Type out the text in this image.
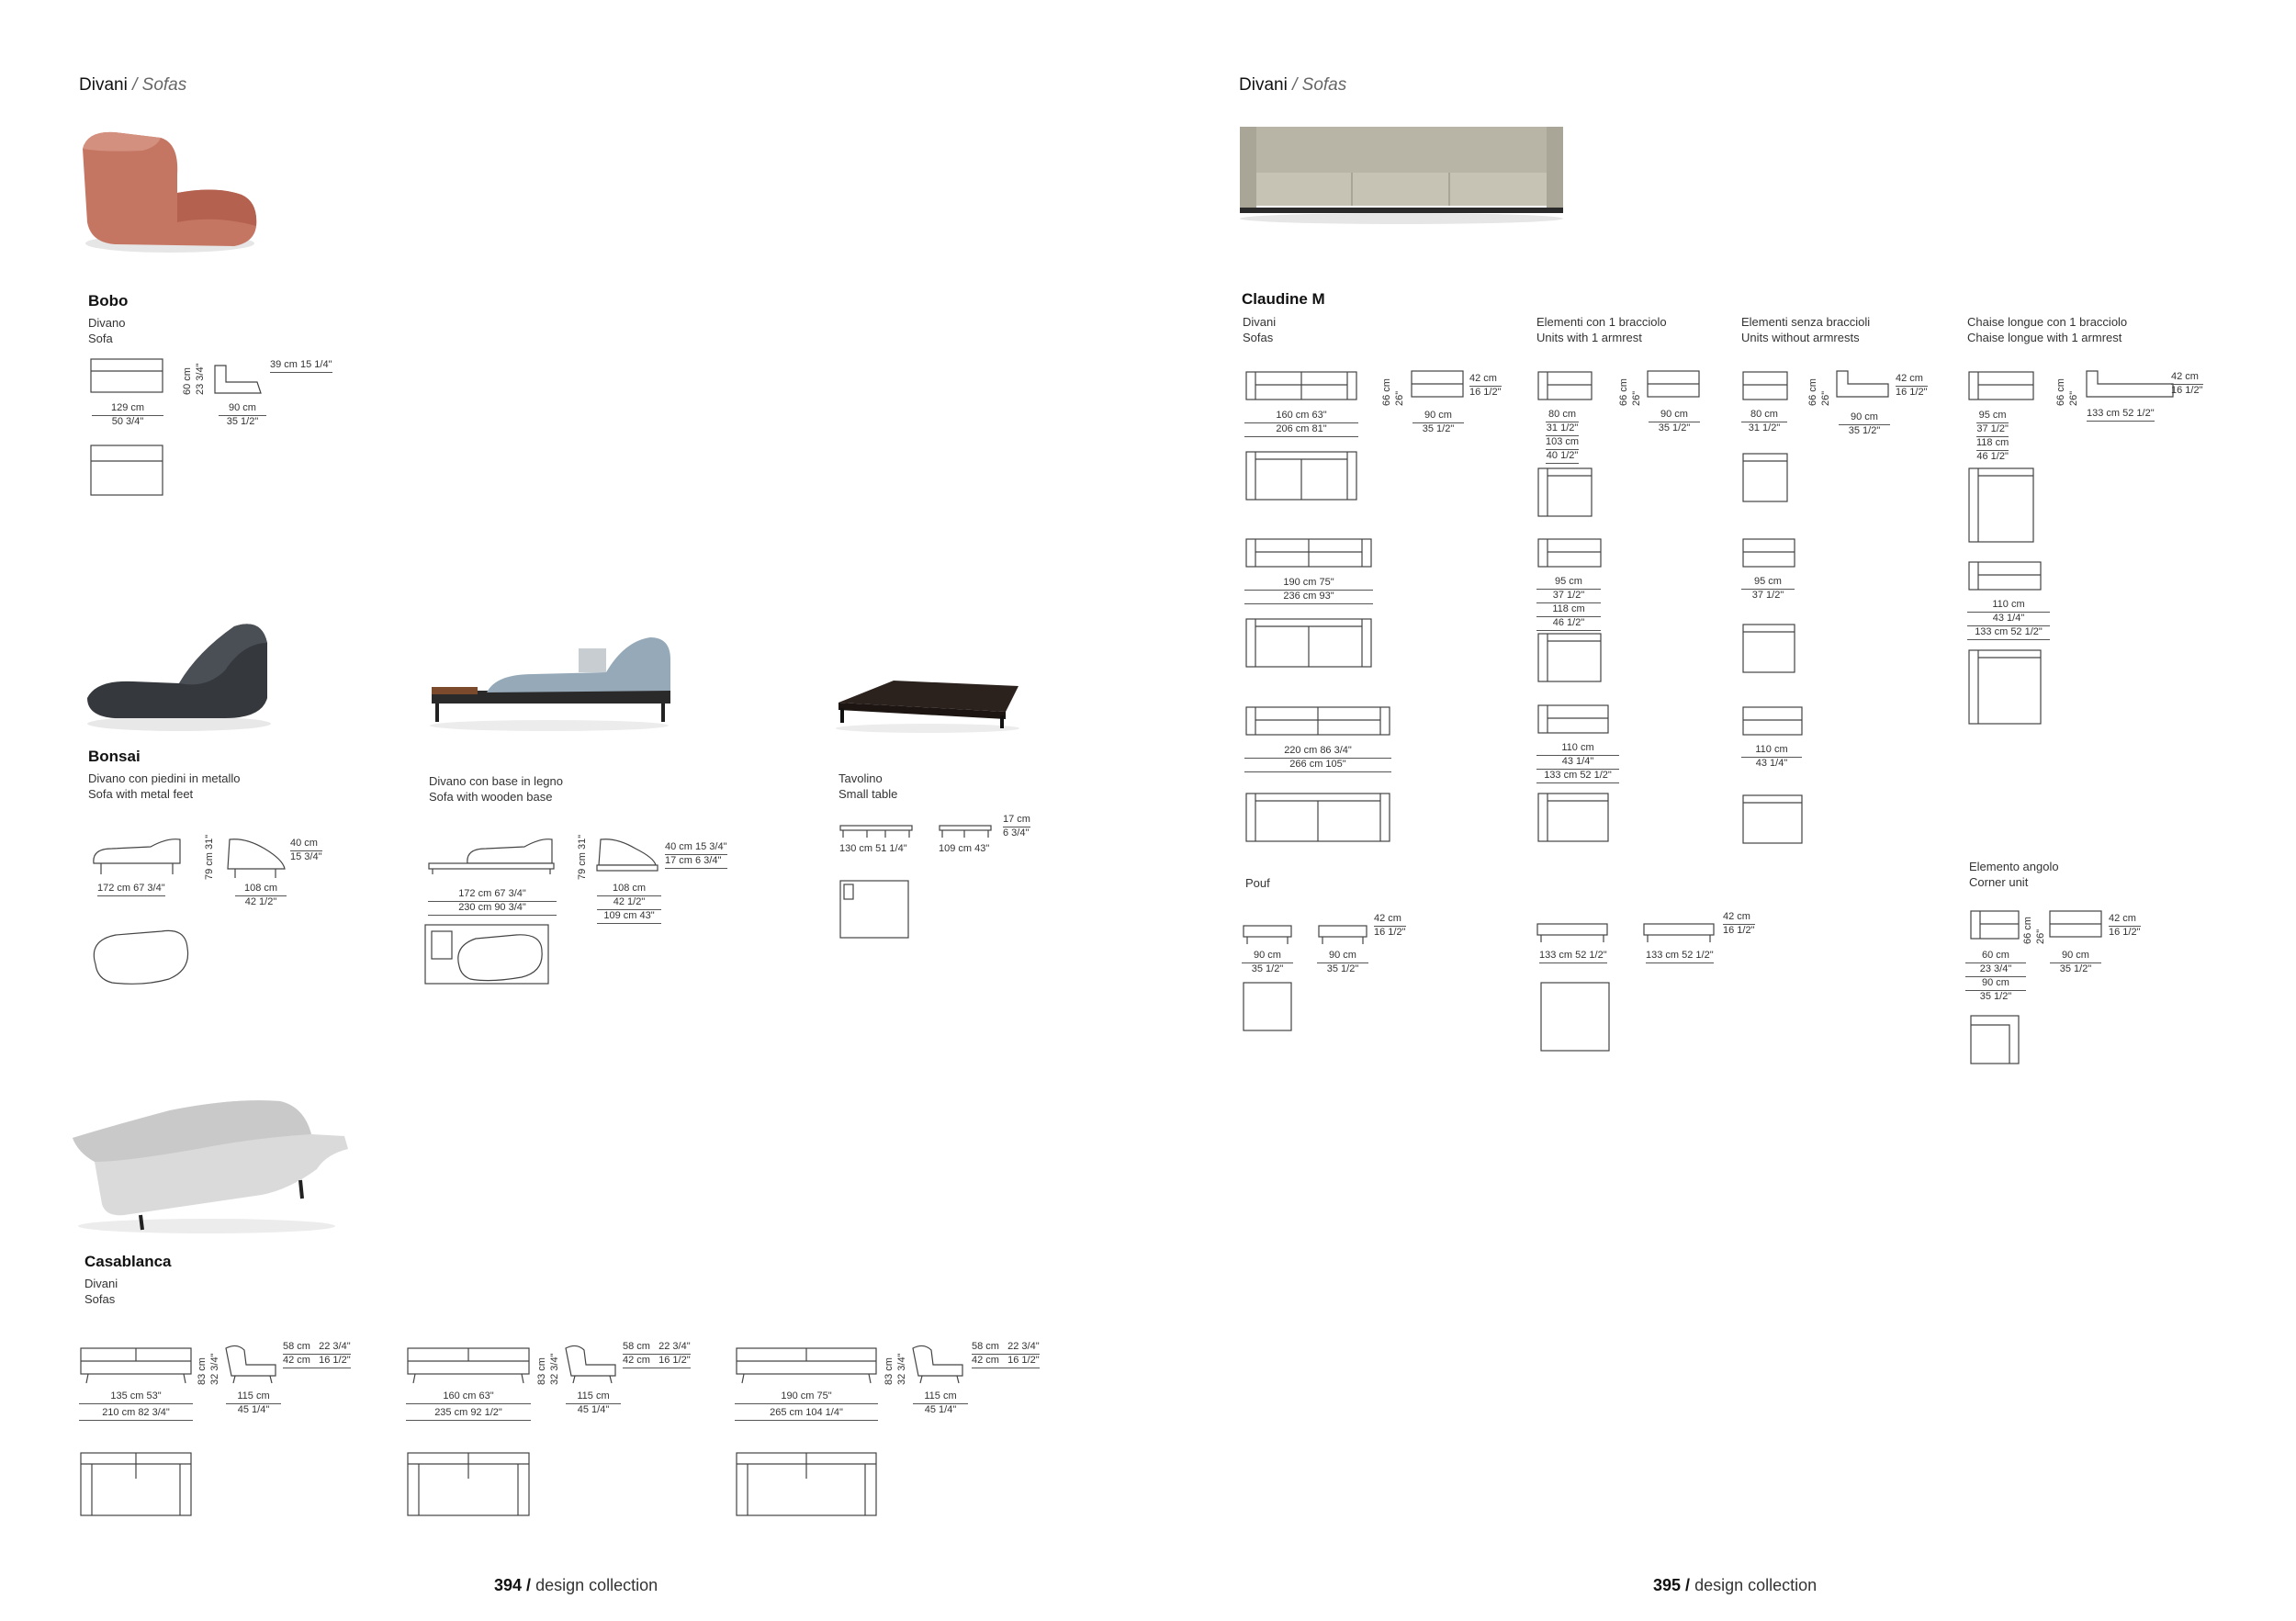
Divani / Sofas
Bobo
Divano
Sofa
129 cm
50 3/4"
60 cm 23 3/4"	39 cm 15 1/4"
90 cm
35 1/2"
Bonsai
Divano con piedini in metallo
Sofa with metal feet
172 cm 67 3/4"
79 cm 31"	40 cm
15 3/4"
108 cm
42 1/2"
Divano con base in legno
Sofa with wooden base
172 cm 67 3/4"
230 cm 90 3/4"
79 cm 31"	40 cm 15 3/4"
17 cm 6 3/4"
108 cm
42 1/2"
109 cm 43"
Tavolino
Small table
130 cm 51 1/4"	109 cm 43"
17 cm
6 3/4"
Casablanca
Divani
Sofas
135 cm 53"
210 cm 82 3/4"
83 cm 32 3/4"
58 cm 22 3/4"
42 cm 16 1/2"
115 cm
45 1/4"
160 cm 63"
235 cm 92 1/2"
83 cm 32 3/4"
58 cm 22 3/4"
42 cm 16 1/2"
115 cm
45 1/4"
190 cm 75"
265 cm 104 1/4"
83 cm 32 3/4"
58 cm 22 3/4"
42 cm 16 1/2"
115 cm
45 1/4"
394 / design collection
Divani / Sofas
Claudine M
Divani
Sofas
160 cm 63"
206 cm 81"
66 cm 26"
90 cm
35 1/2"
42 cm
16 1/2"
190 cm 75"
236 cm 93"
220 cm 86 3/4"
266 cm 105"
Elementi con 1 bracciolo
Units with 1 armrest
80 cm
31 1/2"
103 cm
40 1/2"
66 cm 26"
90 cm
35 1/2"
95 cm
37 1/2"
118 cm
46 1/2"
110 cm
43 1/4"
133 cm 52 1/2"
Elementi senza braccioli
Units without armrests
80 cm
31 1/2"
66 cm 26"
90 cm
35 1/2"
42 cm
16 1/2"
95 cm
37 1/2"
110 cm
43 1/4"
Chaise longue con 1 bracciolo
Chaise longue with 1 armrest
95 cm
37 1/2"
118 cm
46 1/2"
66 cm 26"
133 cm 52 1/2"
42 cm
16 1/2"
110 cm
43 1/4"
133 cm 52 1/2"
Pouf
90 cm
35 1/2"
90 cm
35 1/2"
42 cm
16 1/2"
133 cm 52 1/2"	133 cm 52 1/2"
42 cm
16 1/2"
Elemento angolo
Corner unit
60 cm
23 3/4"
90 cm
35 1/2"
66 cm 26"
90 cm
35 1/2"
42 cm
16 1/2"
395 / design collection
